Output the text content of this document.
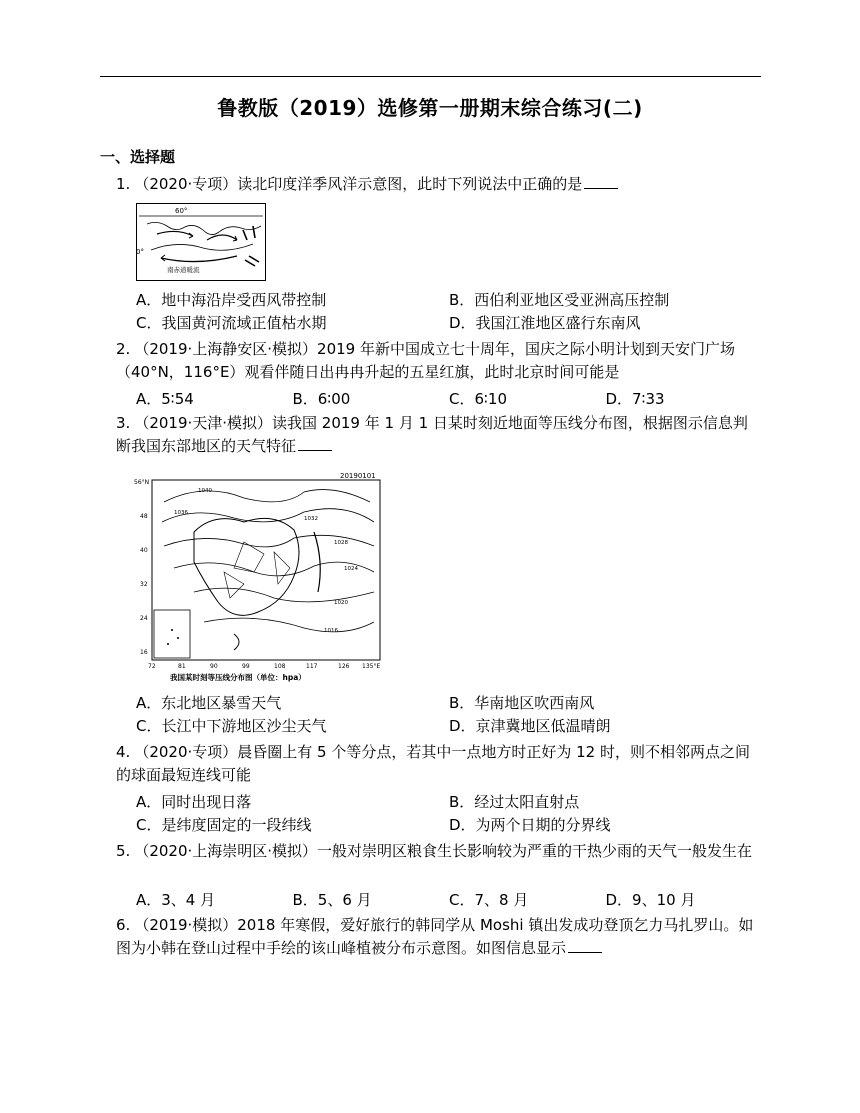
鲁教版（2019）选修第一册期末综合练习(二)
一、选择题
1. （2020·专项）读北印度洋季风洋示意图，此时下列说法中正确的是
60°
0°
南赤道暖流
A．地中海沿岸受西风带控制	B．西伯利亚地区受亚洲高压控制
C．我国黄河流域正值枯水期	D．我国江淮地区盛行东南风
2. （2019·上海静安区·模拟）2019 年新中国成立七十周年，国庆之际小明计划到天安门广场（40°N，116°E）观看伴随日出冉冉升起的五星红旗，此时北京时间可能是
A．5∶54	B．6∶00	C．6∶10	D．7∶33
3. （2019·天津·模拟）读我国 2019 年 1 月 1 日某时刻近地面等压线分布图，根据图示信息判断我国东部地区的天气特征
20190101
56°N
48
40
32
24
16
72	81	90	99	108	117	126 135°E
1040
1036
1032
1028
1024
1020
1016
我国某时刻等压线分布图（单位：hpa）
A．东北地区暴雪天气	B．华南地区吹西南风
C．长江中下游地区沙尘天气	D．京津冀地区低温晴朗
4. （2020·专项）晨昏圈上有 5 个等分点，若其中一点地方时正好为 12 时，则不相邻两点之间的球面最短连线可能
A．同时出现日落	B．经过太阳直射点
C．是纬度固定的一段纬线	D．为两个日期的分界线
5. （2020·上海崇明区·模拟）一般对崇明区粮食生长影响较为严重的干热少雨的天气一般发生在
A．3、4 月	B．5、6 月	C．7、8 月	D．9、10 月
6. （2019·模拟）2018 年寒假，爱好旅行的韩同学从 Moshi 镇出发成功登顶乞力马扎罗山。如图为小韩在登山过程中手绘的该山峰植被分布示意图。如图信息显示
